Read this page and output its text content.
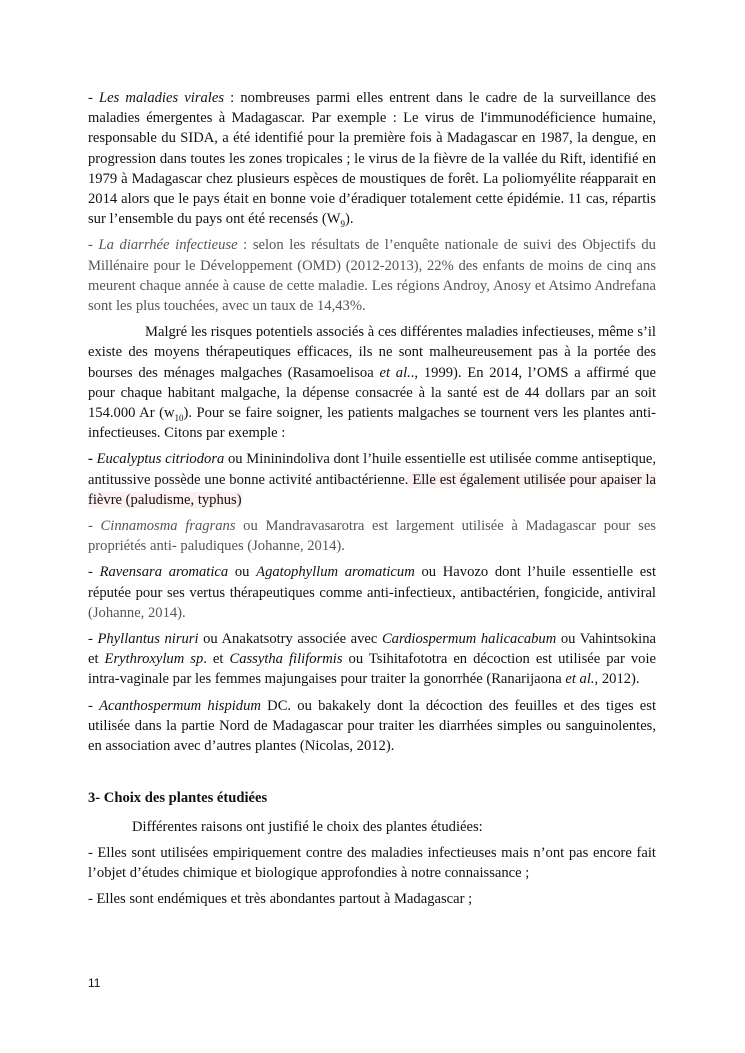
- Les maladies virales : nombreuses parmi elles entrent dans le cadre de la surveillance des maladies émergentes à Madagascar. Par exemple : Le virus de l'immunodéficience humaine, responsable du SIDA, a été identifié pour la première fois à Madagascar en 1987, la dengue, en progression dans toutes les zones tropicales ; le virus de la fièvre de la vallée du Rift, identifié en 1979 à Madagascar chez plusieurs espèces de moustiques de forêt. La poliomyélite réapparait en 2014 alors que le pays était en bonne voie d’éradiquer totalement cette épidémie. 11 cas, répartis sur l’ensemble du pays ont été recensés $(W_9)$.

- La diarrhée infectieuse : selon les résultats de l’enquête nationale de suivi des Objectifs du Millénaire pour le Développement (OMD) (2012-2013), 22% des enfants de moins de cinq ans meurent chaque année à cause de cette maladie. Les régions Androy, Anosy et Atsimo Andrefana sont les plus touchées, avec un taux de 14,43%.

Malgré les risques potentiels associés à ces différentes maladies infectieuses, même s’il existe des moyens thérapeutiques efficaces, ils ne sont malheureusement pas à la portée des bourses des ménages malgaches (Rasamoelisoa et al.., 1999). En 2014, l’OMS a affirmé que pour chaque habitant malgache, la dépense consacrée à la santé est de 44 dollars par an soit 154.000 Ar $(w_{10})$. Pour se faire soigner, les patients malgaches se tournent vers les plantes anti-infectieuses. Citons par exemple :

- Eucalyptus citriodora ou Mininindoliva dont l’huile essentielle est utilisée comme antiseptique, antitussive possède une bonne activité antibactérienne. Elle est également utilisée pour apaiser la fièvre (paludisme, typhus)

- Cinnamosma fragrans ou Mandravasarotra est largement utilisée à Madagascar pour ses propriétés anti- paludiques (Johanne, 2014).

- Ravensara aromatica ou Agatophyllum aromaticum ou Havozo dont l’huile essentielle est réputée pour ses vertus thérapeutiques comme anti-infectieux, antibactérien, fongicide, antiviral (Johanne, 2014).

- Phyllantus niruri ou Anakatsotry associée avec Cardiospermum halicacabum ou Vahintsokina et Erythroxylum sp. et Cassytha filiformis ou Tsihitafototra en décoction est utilisée par voie intra-vaginale par les femmes majungaises pour traiter la gonorrhée (Ranarijaona et al., 2012).

- Acanthospermum hispidum DC. ou bakakely dont la décoction des feuilles et des tiges est utilisée dans la partie Nord de Madagascar pour traiter les diarrhées simples ou sanguinolentes, en association avec d’autres plantes (Nicolas, 2012).

3- Choix des plantes étudiées

Différentes raisons ont justifié le choix des plantes étudiées:

- Elles sont utilisées empiriquement contre des maladies infectieuses mais n’ont pas encore fait l’objet d’études chimique et biologique approfondies à notre connaissance ;

- Elles sont endémiques et très abondantes partout à Madagascar ;

11
